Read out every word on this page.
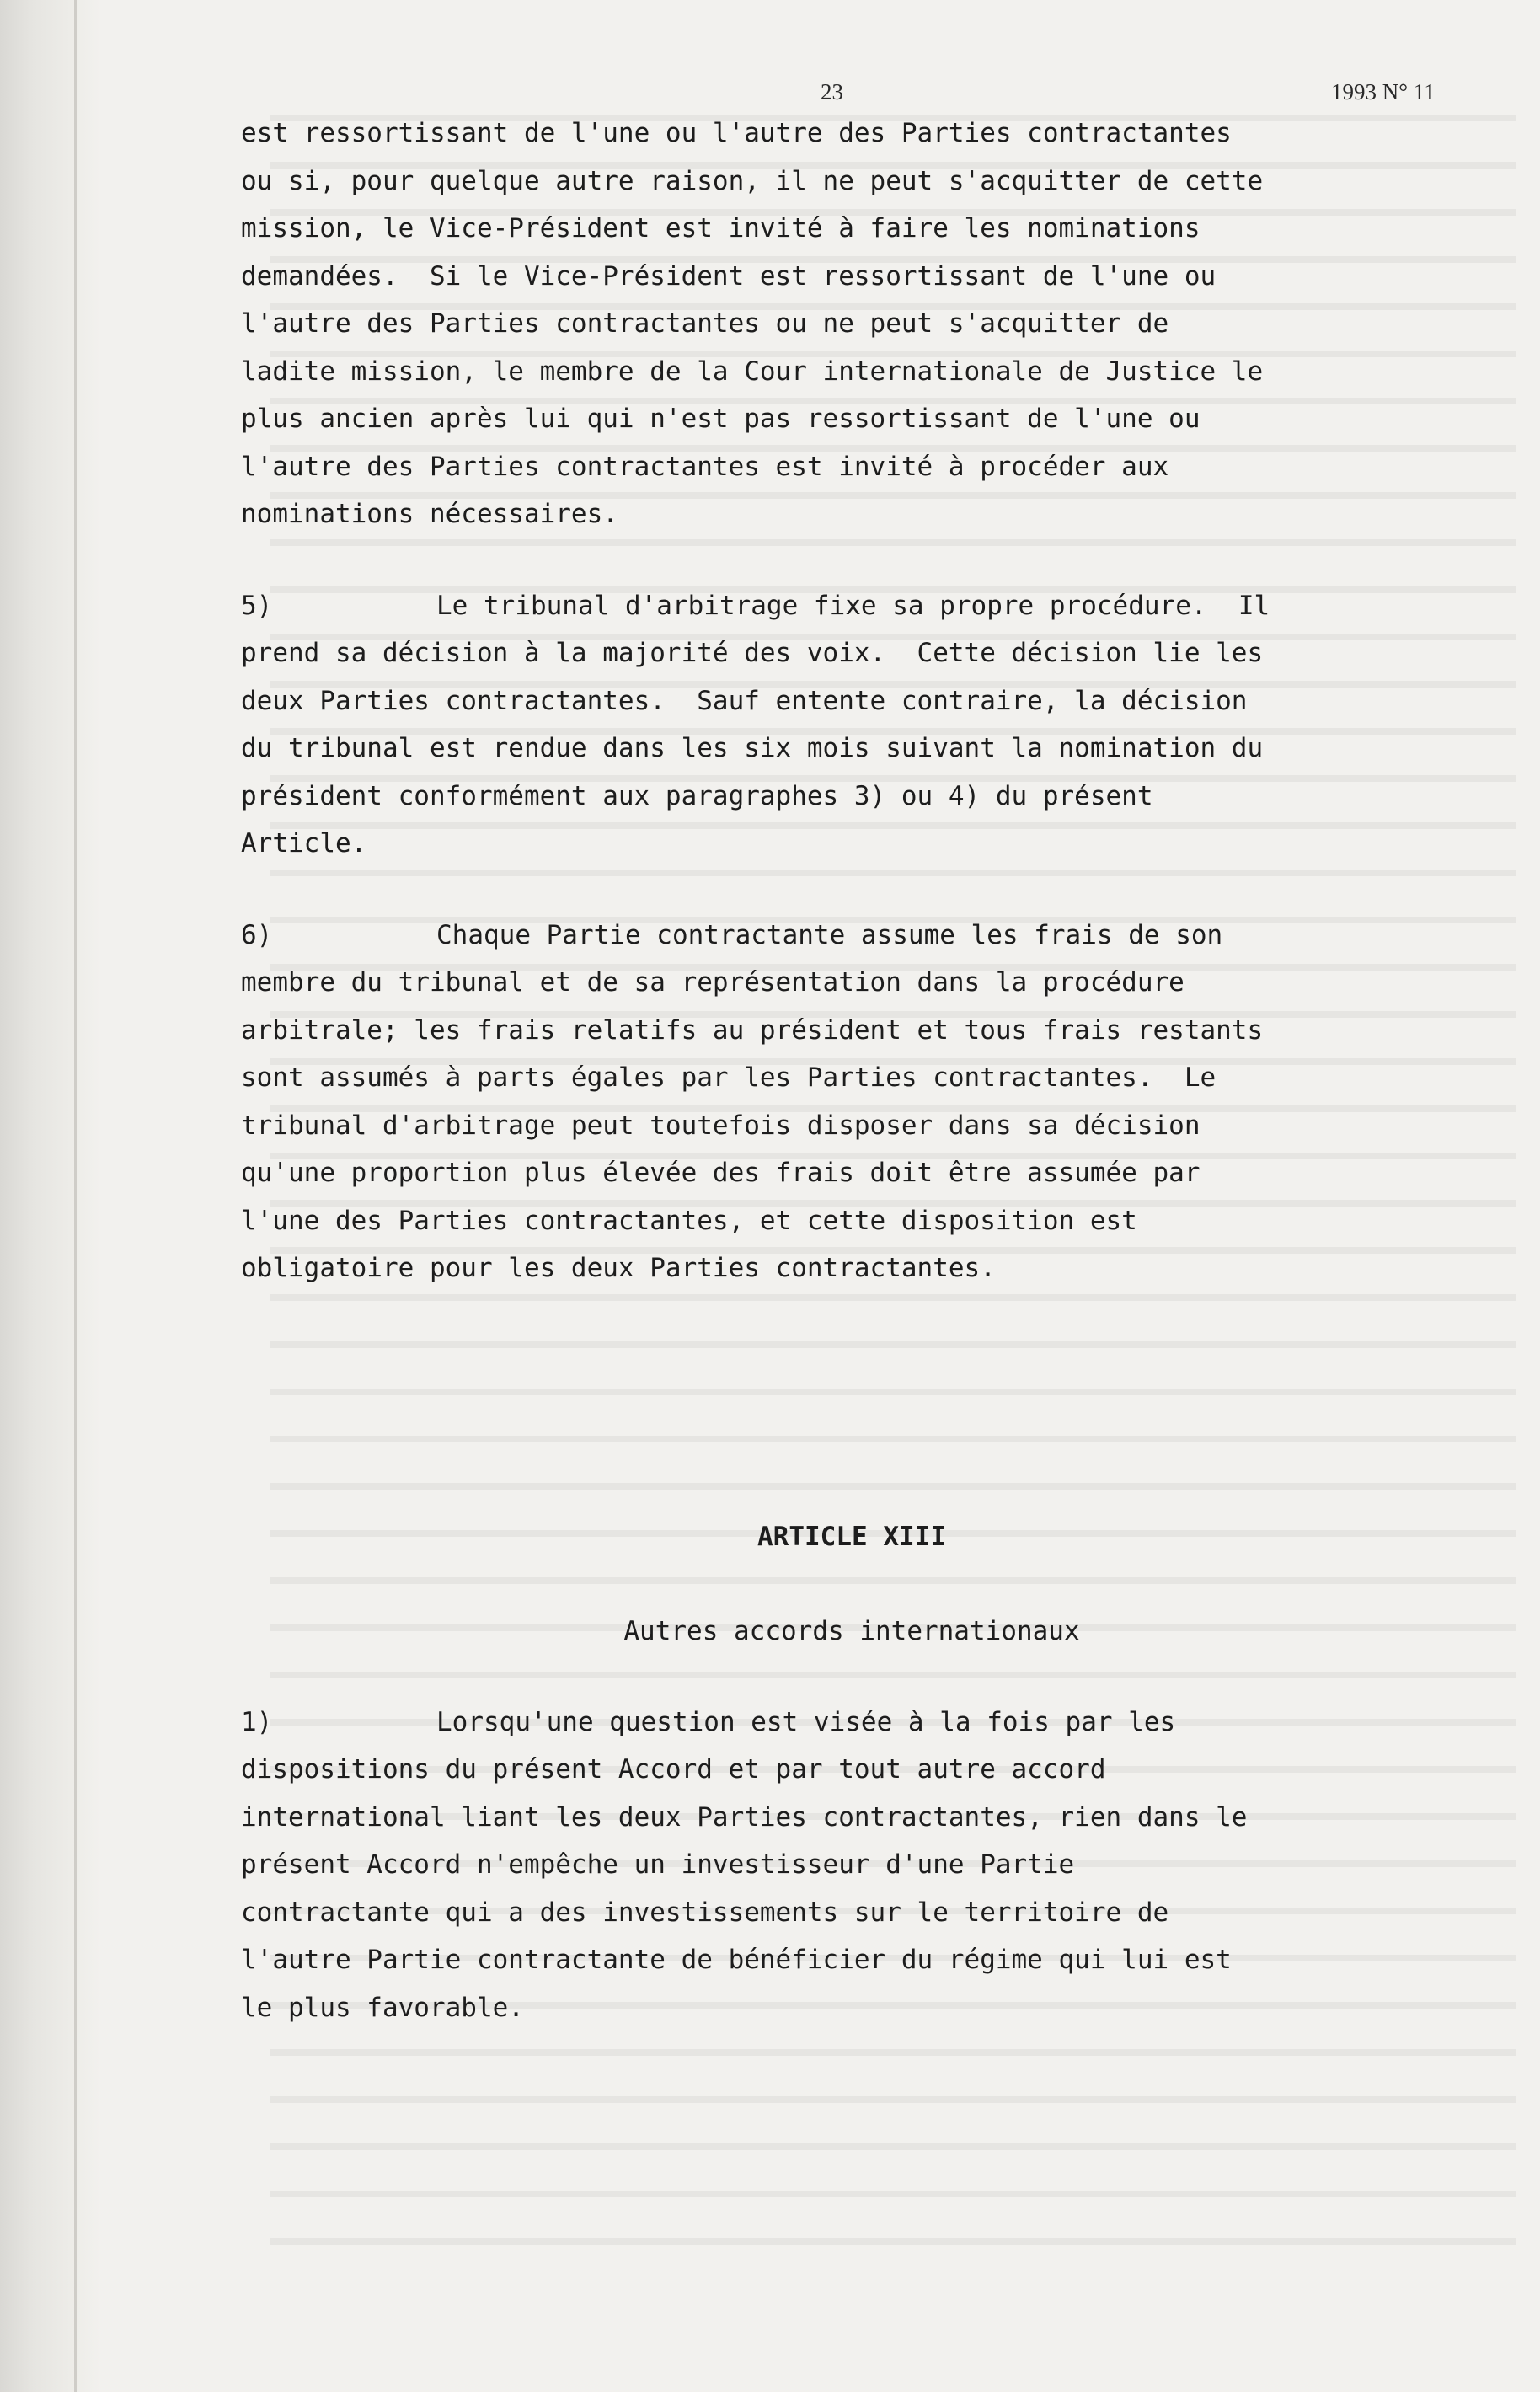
23	1993 N° 11

est ressortissant de l'une ou l'autre des Parties contractantes
ou si, pour quelque autre raison, il ne peut s'acquitter de cette
mission, le Vice-Président est invité à faire les nominations
demandées.  Si le Vice-Président est ressortissant de l'une ou
l'autre des Parties contractantes ou ne peut s'acquitter de
ladite mission, le membre de la Cour internationale de Justice le
plus ancien après lui qui n'est pas ressortissant de l'une ou
l'autre des Parties contractantes est invité à procéder aux
nominations nécessaires.

5)	Le tribunal d'arbitrage fixe sa propre procédure.  Il
prend sa décision à la majorité des voix.  Cette décision lie les
deux Parties contractantes.  Sauf entente contraire, la décision
du tribunal est rendue dans les six mois suivant la nomination du
président conformément aux paragraphes 3) ou 4) du présent
Article.
6)	Chaque Partie contractante assume les frais de son
membre du tribunal et de sa représentation dans la procédure
arbitrale; les frais relatifs au président et tous frais restants
sont assumés à parts égales par les Parties contractantes.  Le
tribunal d'arbitrage peut toutefois disposer dans sa décision
qu'une proportion plus élevée des frais doit être assumée par
l'une des Parties contractantes, et cette disposition est
obligatoire pour les deux Parties contractantes.
ARTICLE XIII
Autres accords internationaux
1)	Lorsqu'une question est visée à la fois par les
dispositions du présent Accord et par tout autre accord
international liant les deux Parties contractantes, rien dans le
présent Accord n'empêche un investisseur d'une Partie
contractante qui a des investissements sur le territoire de
l'autre Partie contractante de bénéficier du régime qui lui est
le plus favorable.
